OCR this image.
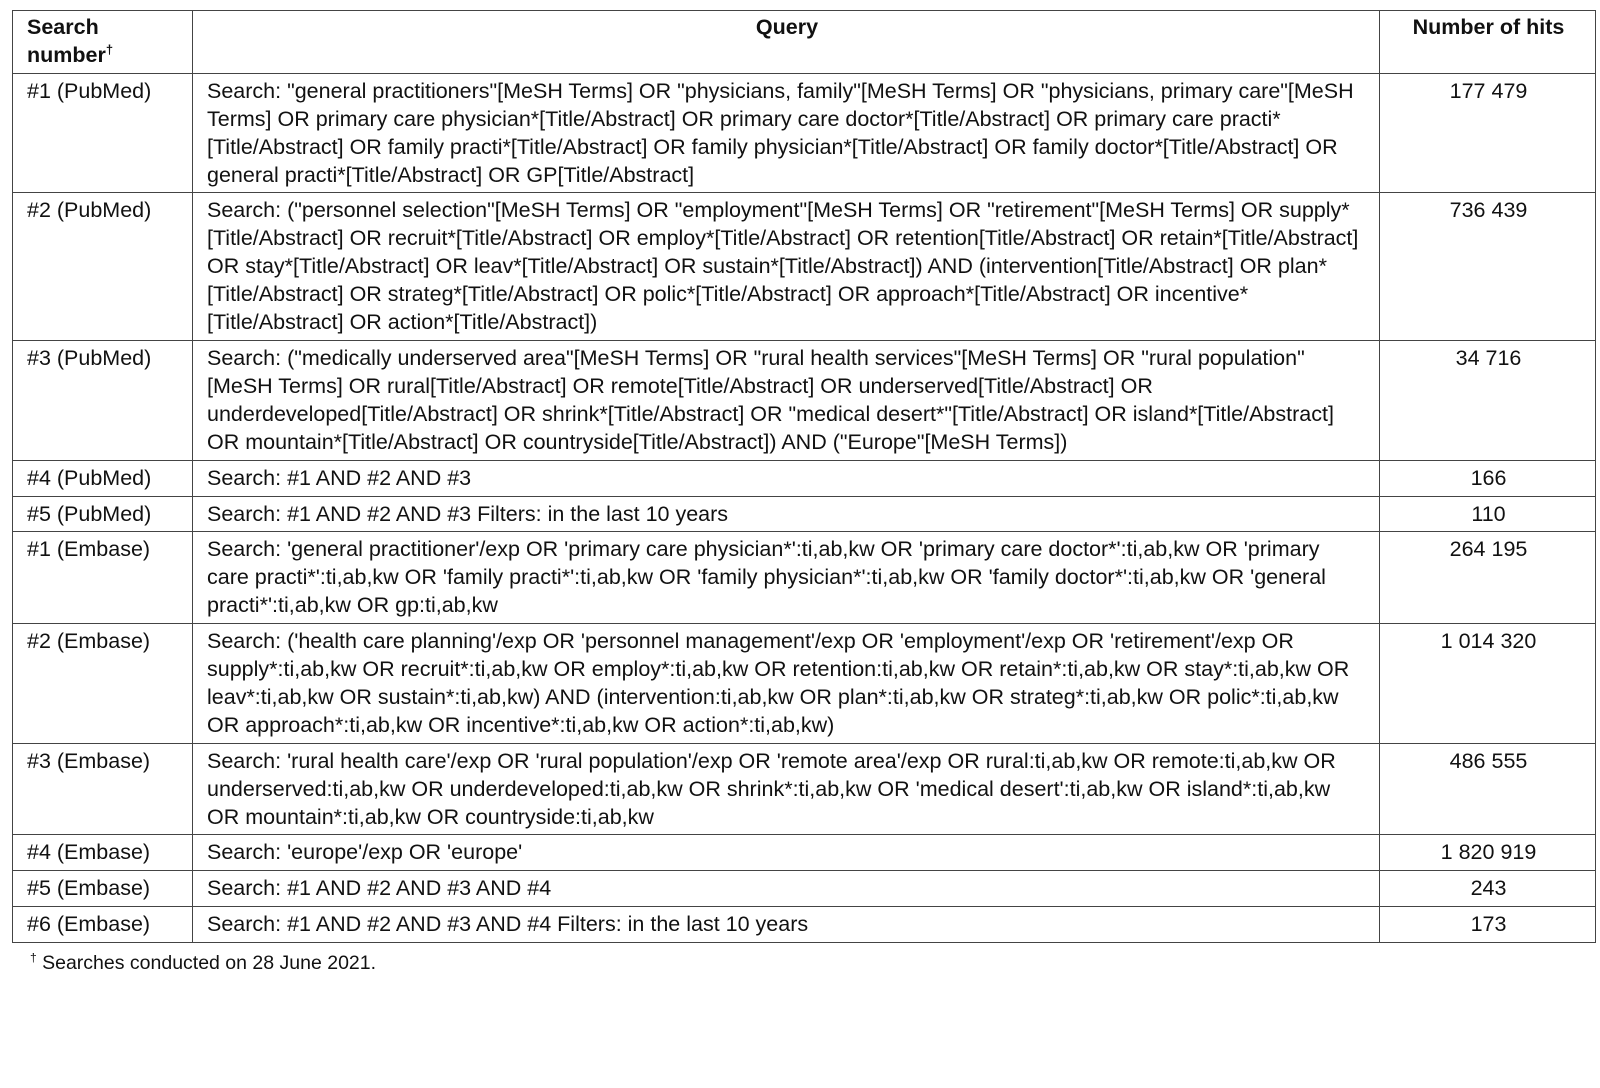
Search number†	Query	Number of hits
#1 (PubMed)	Search: "general practitioners"[MeSH Terms] OR "physicians, family"[MeSH Terms] OR "physicians, primary care"[MeSH Terms] OR primary care physician*[Title/Abstract] OR primary care doctor*[Title/Abstract] OR primary care practi*[Title/Abstract] OR family practi*[Title/Abstract] OR family physician*[Title/Abstract] OR family doctor*[Title/Abstract] OR general practi*[Title/Abstract] OR GP[Title/Abstract]	177 479
#2 (PubMed)	Search: ("personnel selection"[MeSH Terms] OR "employment"[MeSH Terms] OR "retirement"[MeSH Terms] OR supply*[Title/Abstract] OR recruit*[Title/Abstract] OR employ*[Title/Abstract] OR retention[Title/Abstract] OR retain*[Title/Abstract] OR stay*[Title/Abstract] OR leav*[Title/Abstract] OR sustain*[Title/Abstract]) AND (intervention[Title/Abstract] OR plan*[Title/Abstract] OR strateg*[Title/Abstract] OR polic*[Title/Abstract] OR approach*[Title/Abstract] OR incentive*[Title/Abstract] OR action*[Title/Abstract])	736 439
#3 (PubMed)	Search: ("medically underserved area"[MeSH Terms] OR "rural health services"[MeSH Terms] OR "rural population"[MeSH Terms] OR rural[Title/Abstract] OR remote[Title/Abstract] OR underserved[Title/Abstract] OR underdeveloped[Title/Abstract] OR shrink*[Title/Abstract] OR "medical desert*"[Title/Abstract] OR island*[Title/Abstract] OR mountain*[Title/Abstract] OR countryside[Title/Abstract]) AND ("Europe"[MeSH Terms])	34 716
#4 (PubMed)	Search: #1 AND #2 AND #3	166
#5 (PubMed)	Search: #1 AND #2 AND #3 Filters: in the last 10 years	110
#1 (Embase)	Search: 'general practitioner'/exp OR 'primary care physician*':ti,ab,kw OR 'primary care doctor*':ti,ab,kw OR 'primary care practi*':ti,ab,kw OR 'family practi*':ti,ab,kw OR 'family physician*':ti,ab,kw OR 'family doctor*':ti,ab,kw OR 'general practi*':ti,ab,kw OR gp:ti,ab,kw	264 195
#2 (Embase)	Search: ('health care planning'/exp OR 'personnel management'/exp OR 'employment'/exp OR 'retirement'/exp OR supply*:ti,ab,kw OR recruit*:ti,ab,kw OR employ*:ti,ab,kw OR retention:ti,ab,kw OR retain*:ti,ab,kw OR stay*:ti,ab,kw OR leav*:ti,ab,kw OR sustain*:ti,ab,kw) AND (intervention:ti,ab,kw OR plan*:ti,ab,kw OR strateg*:ti,ab,kw OR polic*:ti,ab,kw OR approach*:ti,ab,kw OR incentive*:ti,ab,kw OR action*:ti,ab,kw)	1 014 320
#3 (Embase)	Search: 'rural health care'/exp OR 'rural population'/exp OR 'remote area'/exp OR rural:ti,ab,kw OR remote:ti,ab,kw OR underserved:ti,ab,kw OR underdeveloped:ti,ab,kw OR shrink*:ti,ab,kw OR 'medical desert':ti,ab,kw OR island*:ti,ab,kw OR mountain*:ti,ab,kw OR countryside:ti,ab,kw	486 555
#4 (Embase)	Search: 'europe'/exp OR 'europe'	1 820 919
#5 (Embase)	Search: #1 AND #2 AND #3 AND #4	243
#6 (Embase)	Search: #1 AND #2 AND #3 AND #4 Filters: in the last 10 years	173
† Searches conducted on 28 June 2021.
